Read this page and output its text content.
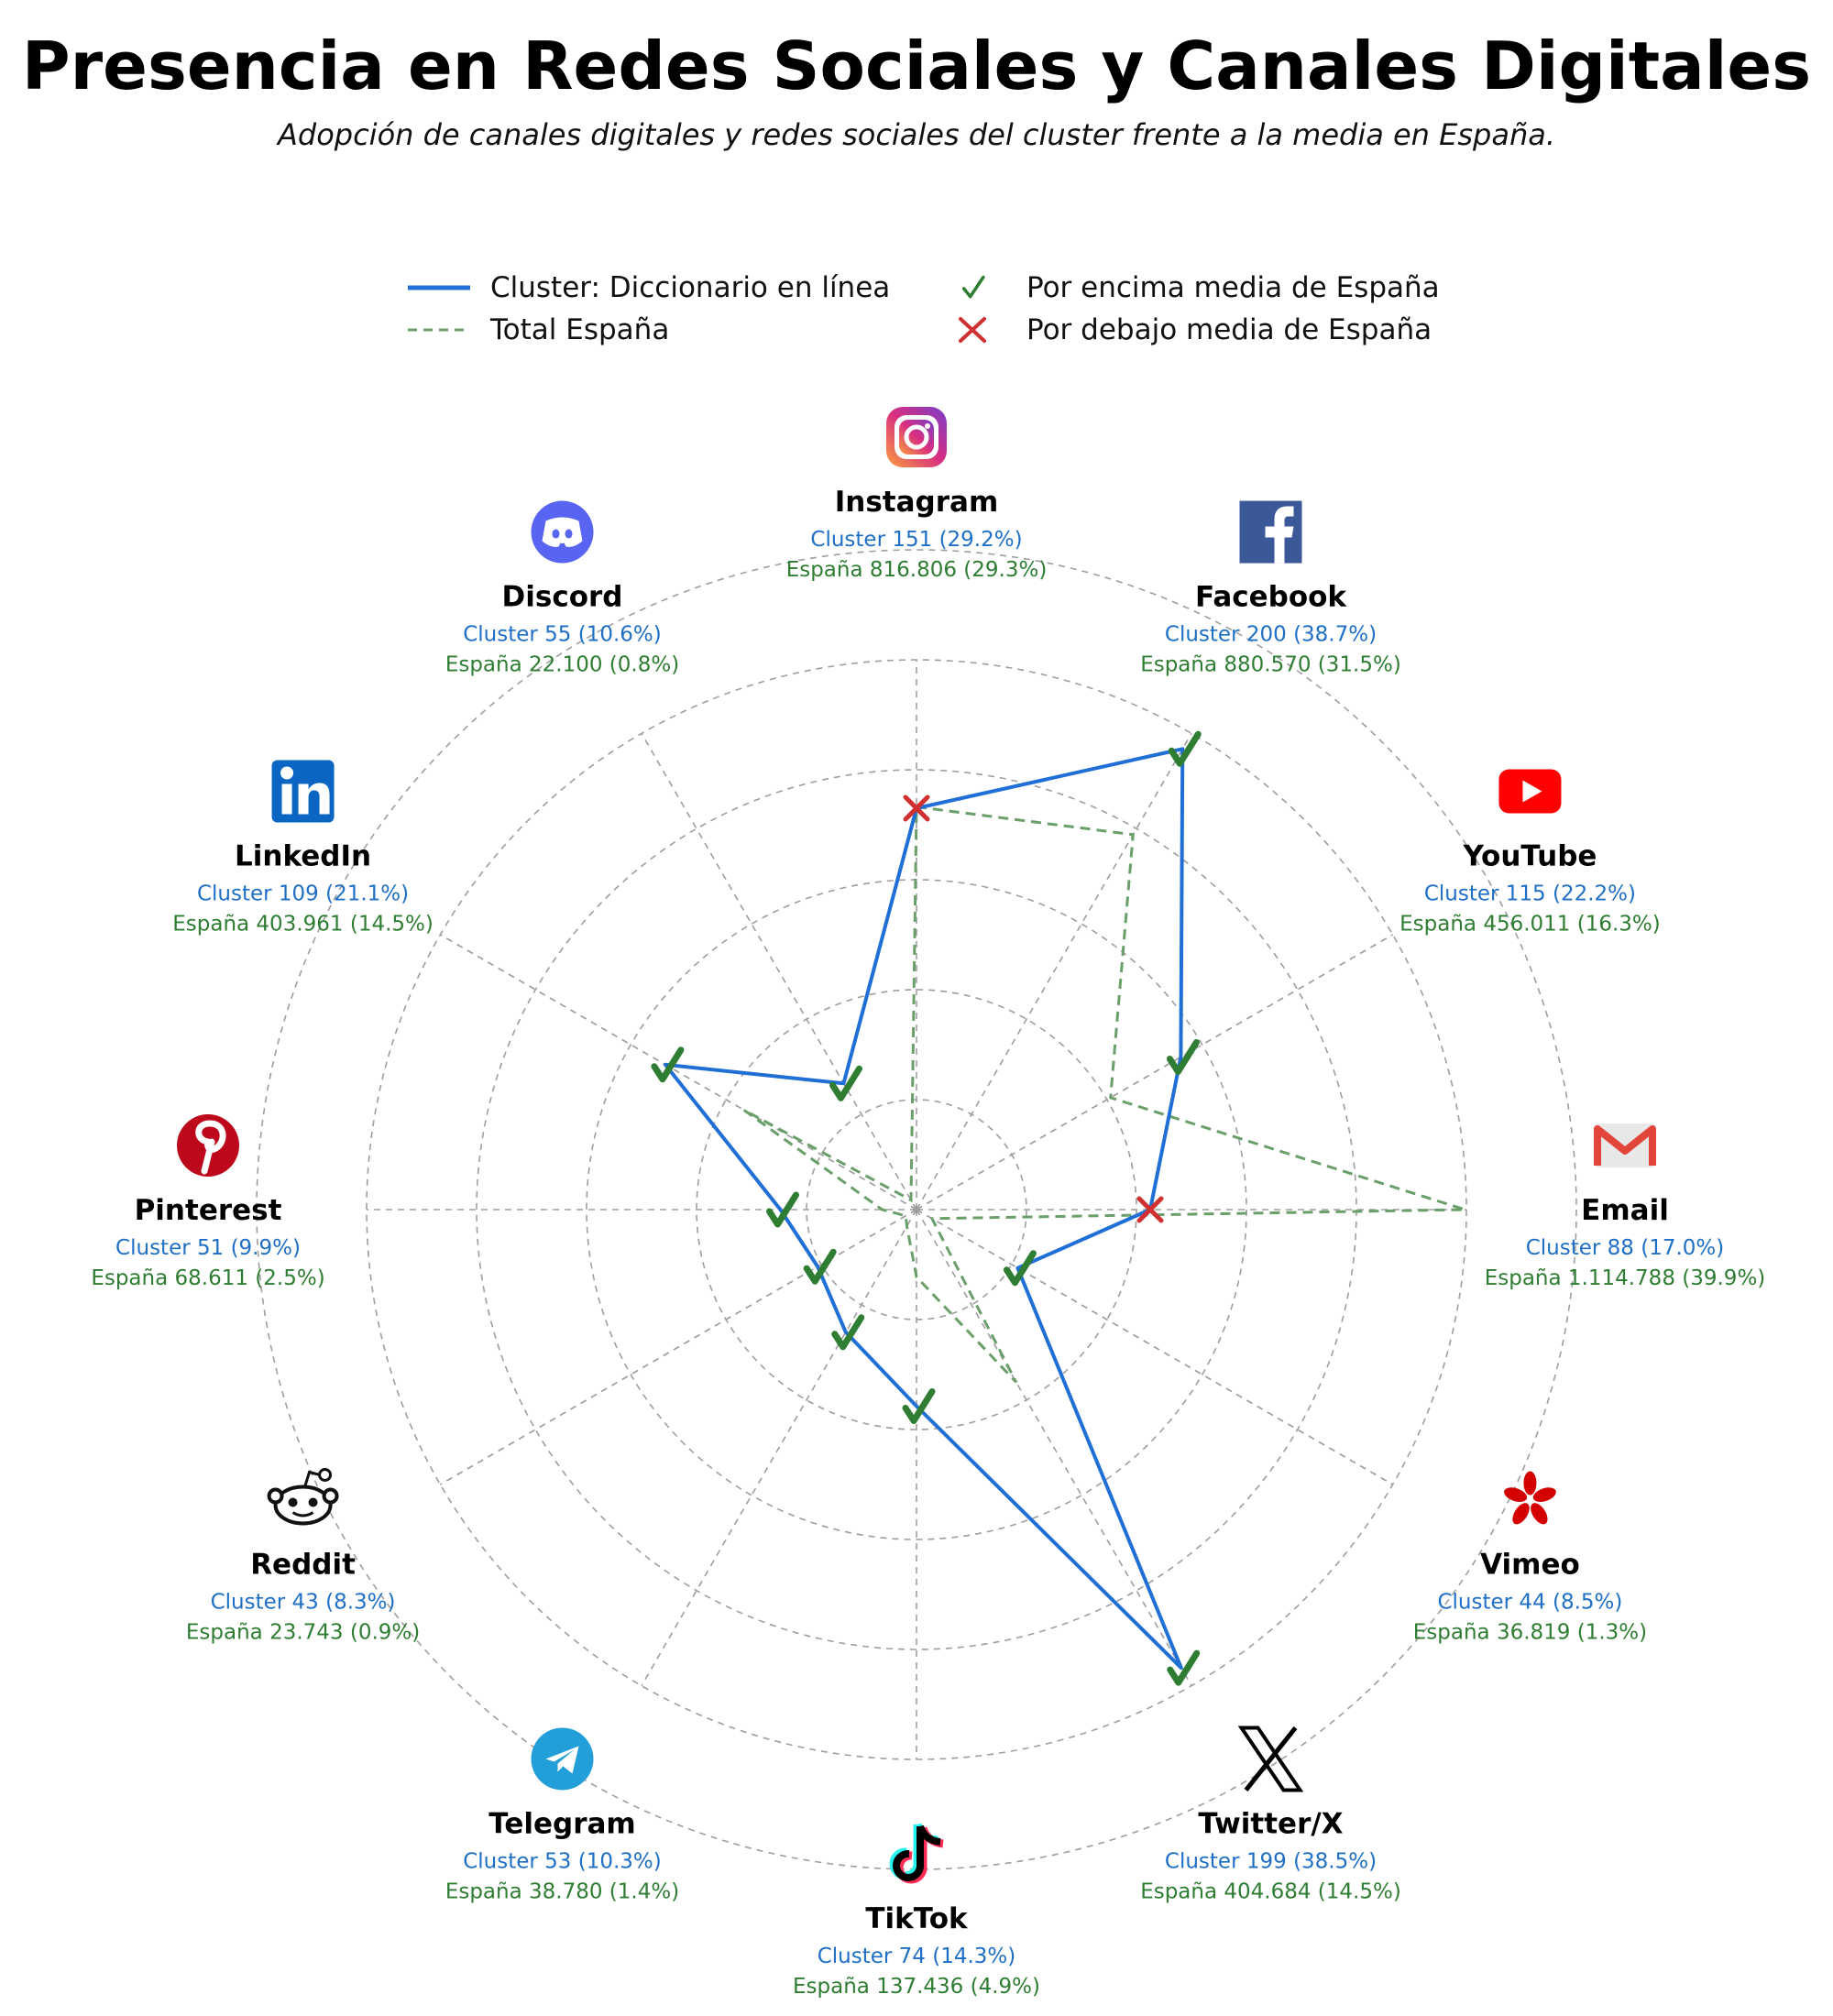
Presencia en Redes Sociales y Canales Digitales
Adopción de canales digitales y redes sociales del cluster frente a la media en España.
Cluster: Diccionario en línea
Total España
Por encima media de España
Por debajo media de España
Instagram
Cluster 151 (29.2%)
España 816.806 (29.3%)
Facebook
Cluster 200 (38.7%)
España 880.570 (31.5%)
YouTube
Cluster 115 (22.2%)
España 456.011 (16.3%)
Email
Cluster 88 (17.0%)
España 1.114.788 (39.9%)
Vimeo
Cluster 44 (8.5%)
España 36.819 (1.3%)
Twitter/X
Cluster 199 (38.5%)
España 404.684 (14.5%)
TikTok
Cluster 74 (14.3%)
España 137.436 (4.9%)
Telegram
Cluster 53 (10.3%)
España 38.780 (1.4%)
Reddit
Cluster 43 (8.3%)
España 23.743 (0.9%)
Pinterest
Cluster 51 (9.9%)
España 68.611 (2.5%)
LinkedIn
Cluster 109 (21.1%)
España 403.961 (14.5%)
Discord
Cluster 55 (10.6%)
España 22.100 (0.8%)
